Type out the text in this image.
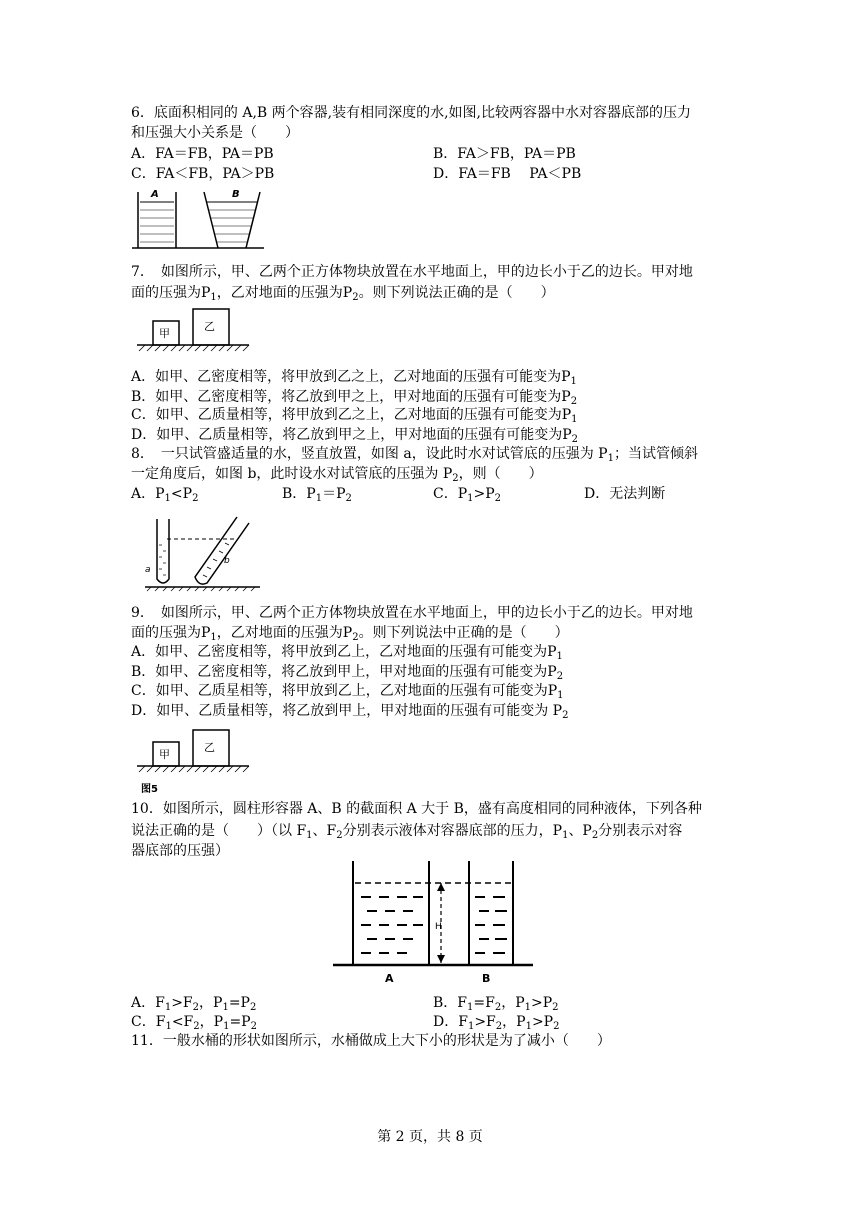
6．底面积相同的 A,B 两个容器,装有相同深度的水,如图,比较两容器中水对容器底部的压力
和压强大小关系是（　　）
A．FA＝FB，PA＝PB	B．FA＞FB，PA＝PB
C．FA＜FB，PA＞PB	D．FA＝FB　 PA＜PB
A	B
7．　如图所示，甲、乙两个正方体物块放置在水平地面上，甲的边长小于乙的边长。甲对地
面的压强为$P_1$，乙对地面的压强为$P_2$。则下列说法正确的是（　　）
甲
乙
A．如甲、乙密度相等，将甲放到乙之上，乙对地面的压强有可能变为$P_1$
B．如甲、乙密度相等，将乙放到甲之上，甲对地面的压强有可能变为$P_2$
C．如甲、乙质量相等，将甲放到乙之上，乙对地面的压强有可能变为$P_1$
D．如甲、乙质量相等，将乙放到甲之上，甲对地面的压强有可能变为$P_2$
8．　一只试管盛适量的水，竖直放置，如图 a，设此时水对试管底的压强为 $P_1$；当试管倾斜
一定角度后，如图 b，此时设水对试管底的压强为 $P_2$，则（　　）
A．$P_1<P_2$	B．$P_1=P_2$	C．$P_1>P_2$	D．无法判断
a
b
9．　如图所示，甲、乙两个正方体物块放置在水平地面上，甲的边长小于乙的边长。甲对地
面的压强为$P_1$，乙对地面的压强为$P_2$。则下列说法中正确的是（　　）
A．如甲、乙密度相等，将甲放到乙上，乙对地面的压强有可能变为$P_1$
B．如甲、乙密度相等，将乙放到甲上，甲对地面的压强有可能变为$P_2$
C．如甲、乙质星相等，将甲放到乙上，乙对地面的压强有可能变为$P_1$
D．如甲、乙质量相等，将乙放到甲上，甲对地面的压强有可能变为 $P_2$
甲
乙
图5
10．如图所示，圆柱形容器 A、B 的截面积 A 大于 B，盛有高度相同的同种液体，下列各种
说法正确的是（　　）（以 $F_1$、$F_2$分别表示液体对容器底部的压力，$P_1$、$P_2$分别表示对容
器底部的压强）
A	B
H
A．$F_1>F_2$，$P_1=P_2$	B．$F_1=F_2$，$P_1>P_2$
C．$F_1<F_2$，$P_1=P_2$	D．$F_1>F_2$，$P_1>P_2$
11．一般水桶的形状如图所示，水桶做成上大下小的形状是为了减小（　　）
第 2 页，共 8 页
